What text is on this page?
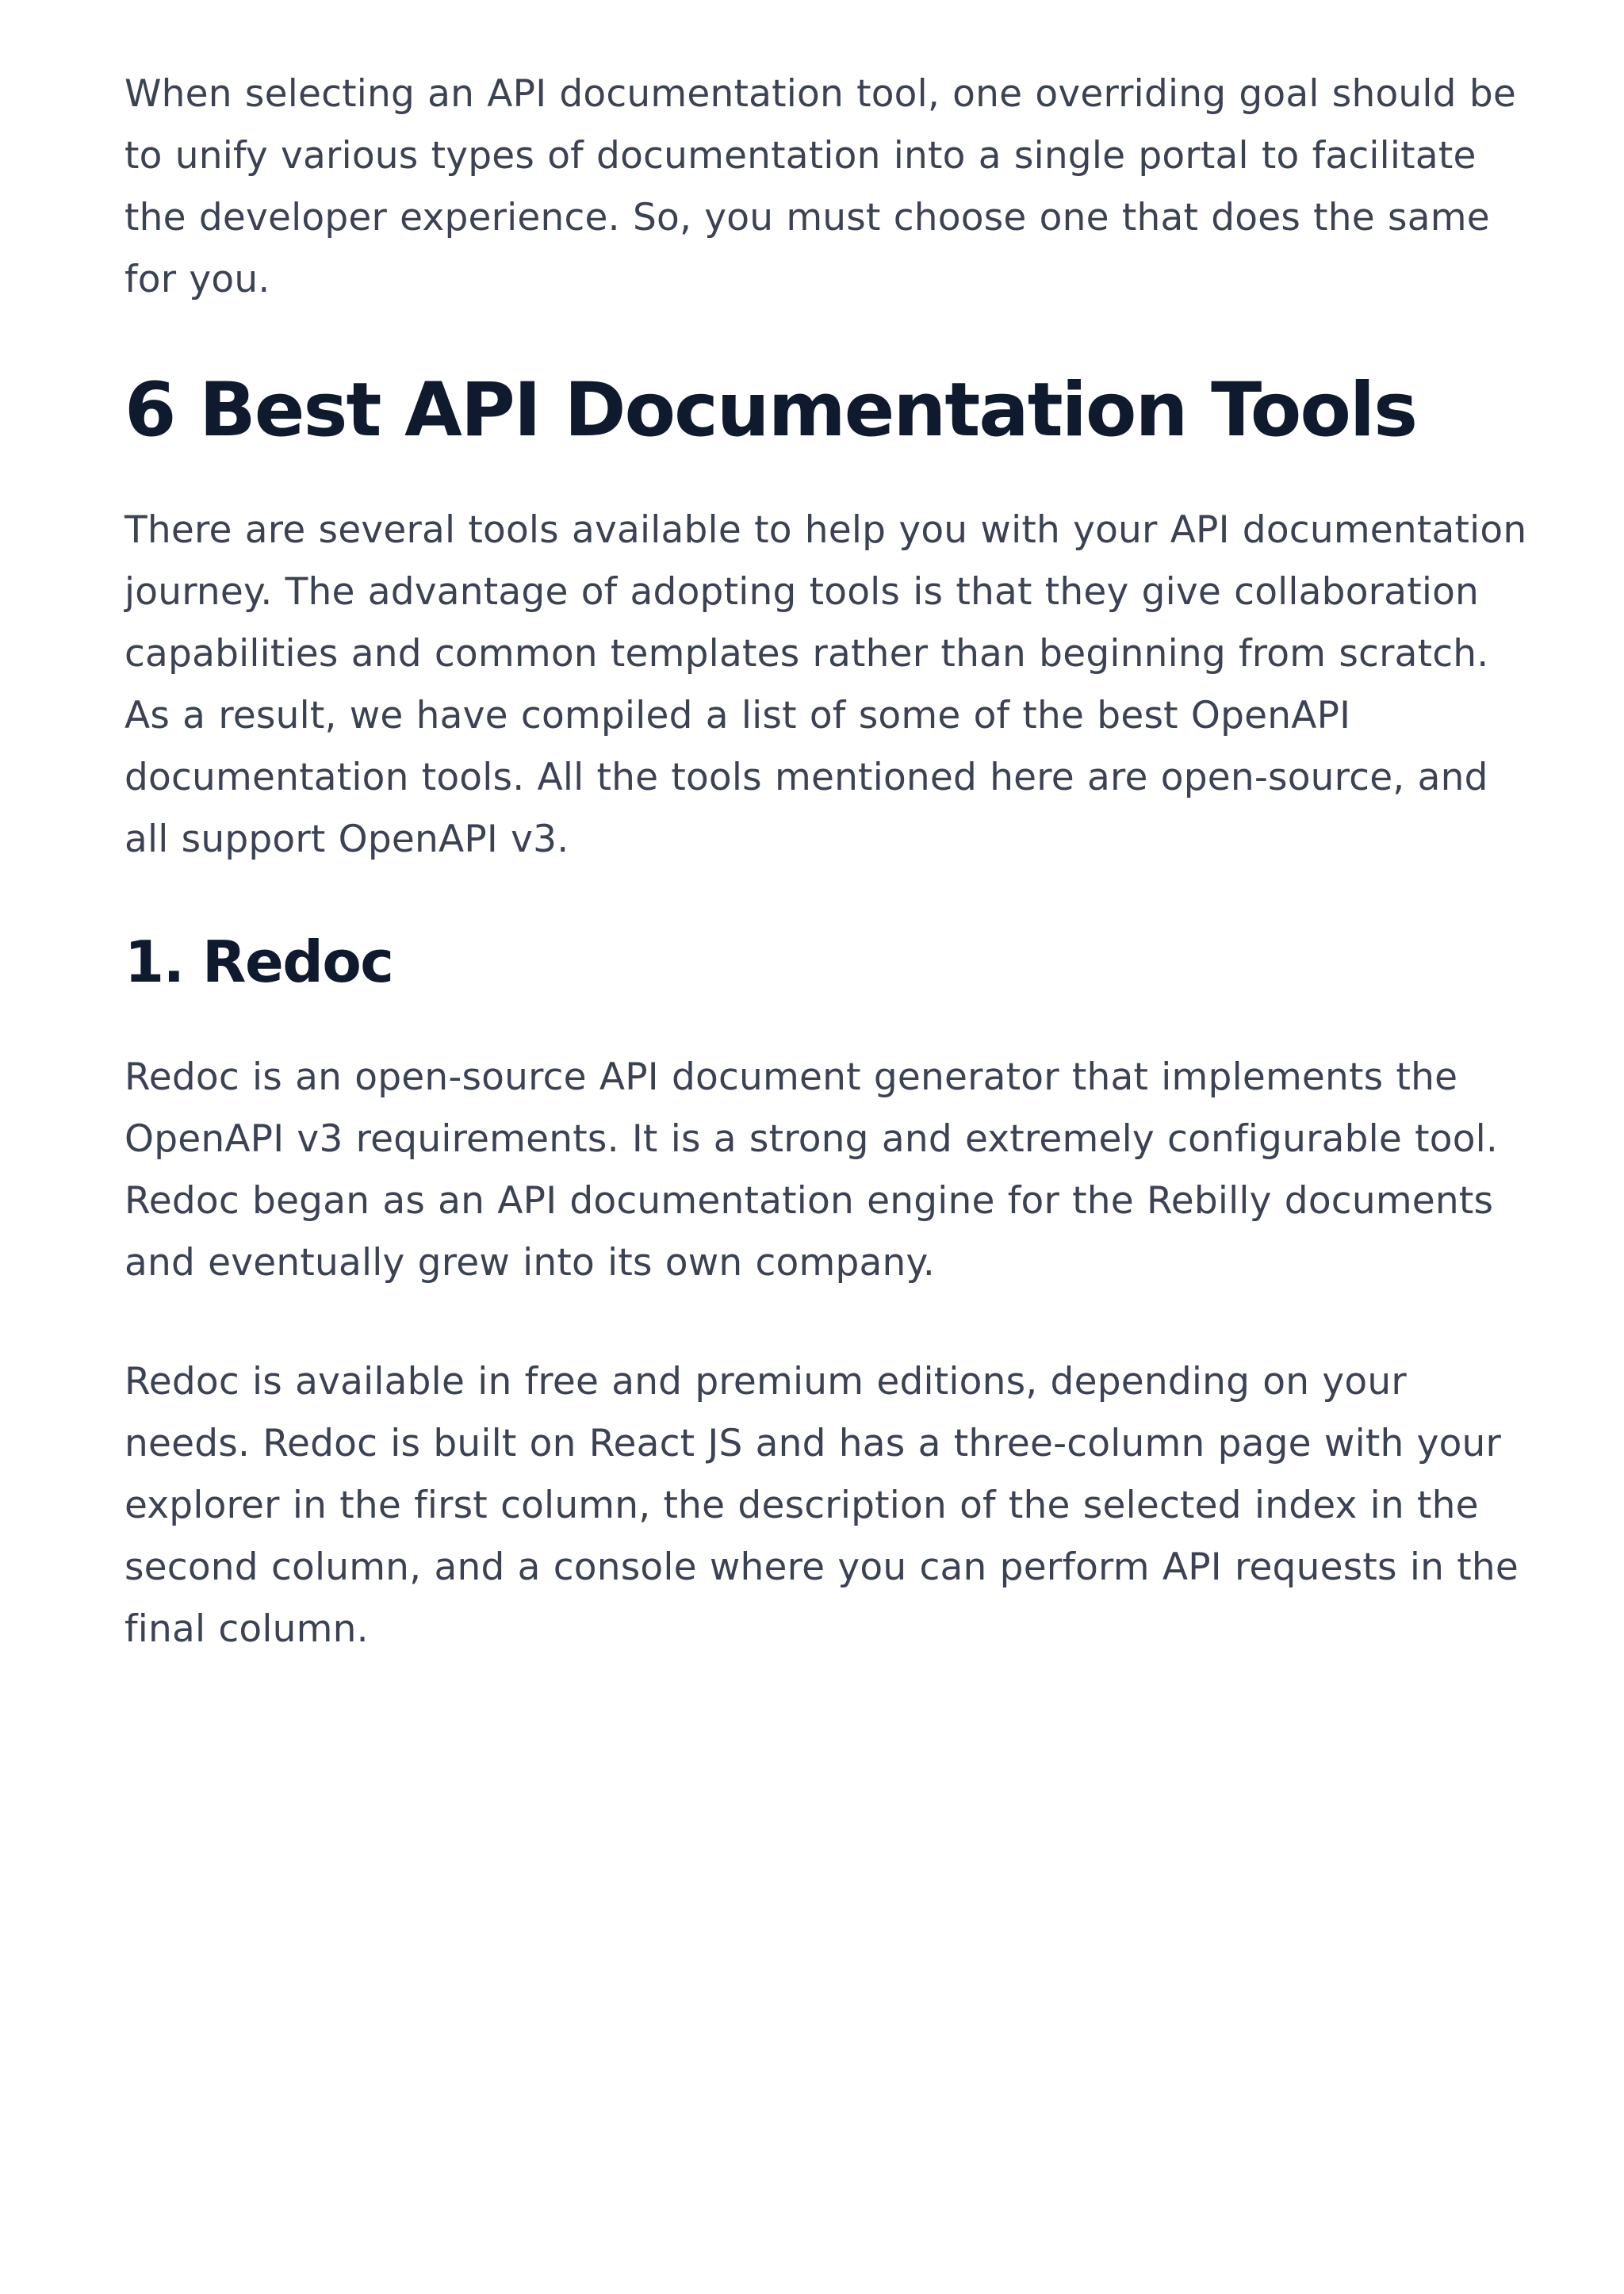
When selecting an API documentation tool, one overriding goal should be to unify various types of documentation into a single portal to facilitate the developer experience. So, you must choose one that does the same for you.

6 Best API Documentation Tools

There are several tools available to help you with your API documentation journey. The advantage of adopting tools is that they give collaboration capabilities and common templates rather than beginning from scratch. As a result, we have compiled a list of some of the best OpenAPI documentation tools. All the tools mentioned here are open-source, and all support OpenAPI v3.

1. Redoc

Redoc is an open-source API document generator that implements the OpenAPI v3 requirements. It is a strong and extremely configurable tool. Redoc began as an API documentation engine for the Rebilly documents and eventually grew into its own company.

Redoc is available in free and premium editions, depending on your needs. Redoc is built on React JS and has a three-column page with your explorer in the first column, the description of the selected index in the second column, and a console where you can perform API requests in the final column.
